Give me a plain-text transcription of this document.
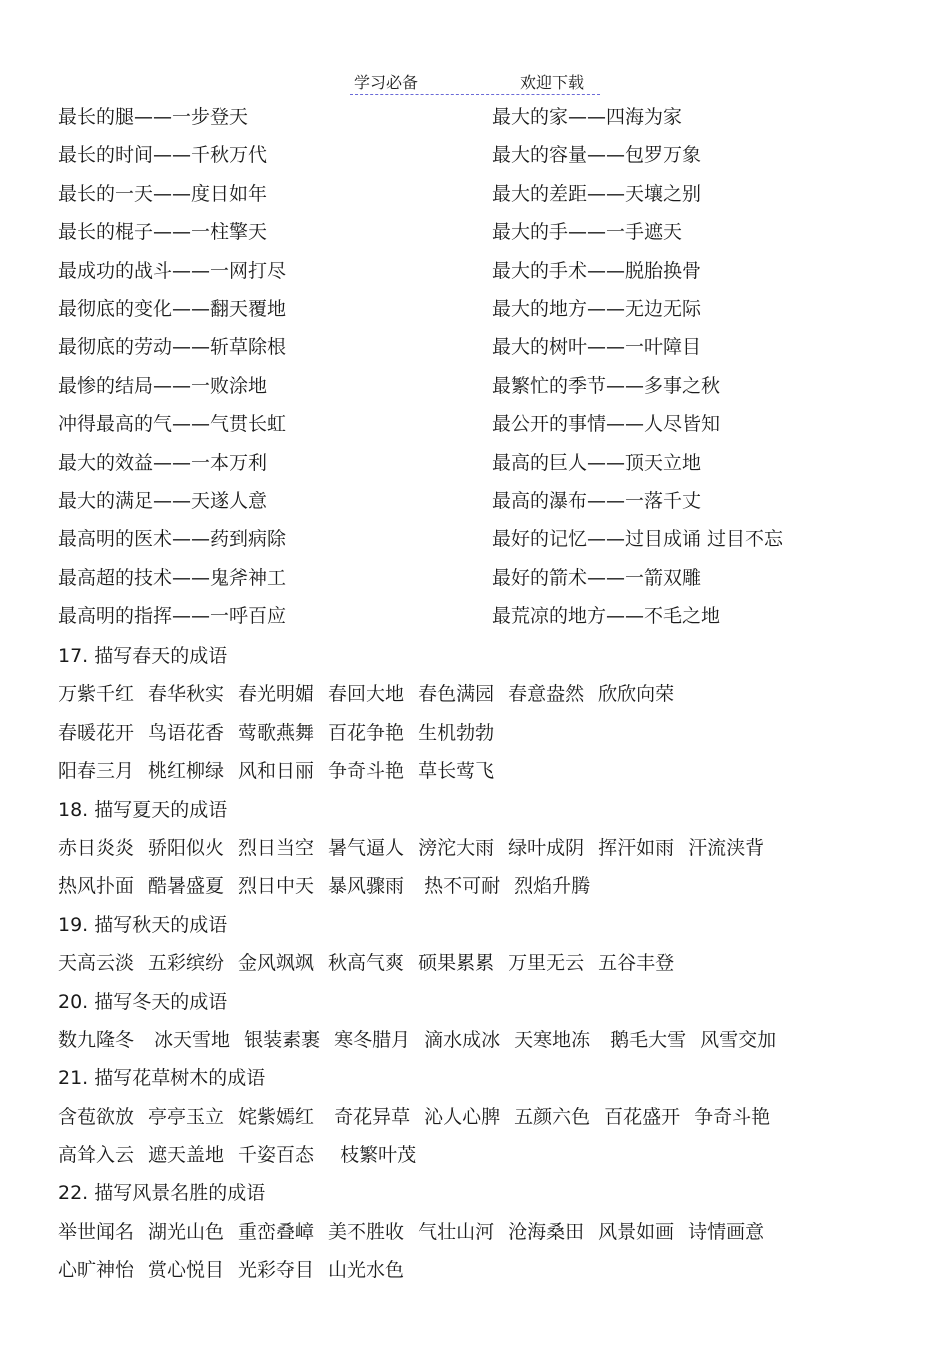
学习必备	欢迎下载
最长的腿——一步登天	最大的家——四海为家
最长的时间——千秋万代	最大的容量——包罗万象
最长的一天——度日如年	最大的差距——天壤之别
最长的棍子——一柱擎天	最大的手——一手遮天
最成功的战斗——一网打尽	最大的手术——脱胎换骨
最彻底的变化——翻天覆地	最大的地方——无边无际
最彻底的劳动——斩草除根	最大的树叶——一叶障目
最惨的结局——一败涂地	最繁忙的季节——多事之秋
冲得最高的气——气贯长虹	最公开的事情——人尽皆知
最大的效益——一本万利	最高的巨人——顶天立地
最大的满足——天遂人意	最高的瀑布——一落千丈
最高明的医术——药到病除	最好的记忆——过目成诵 过目不忘
最高超的技术——鬼斧神工	最好的箭术——一箭双雕
最高明的指挥——一呼百应	最荒凉的地方——不毛之地
17. 描写春天的成语
万紫千红 春华秋实 春光明媚 春回大地 春色满园 春意盎然 欣欣向荣
春暖花开 鸟语花香 莺歌燕舞 百花争艳 生机勃勃
阳春三月 桃红柳绿 风和日丽 争奇斗艳 草长莺飞
18. 描写夏天的成语
赤日炎炎 骄阳似火 烈日当空 暑气逼人 滂沱大雨 绿叶成阴 挥汗如雨 汗流浃背
热风扑面 酷暑盛夏 烈日中天 暴风骤雨 热不可耐 烈焰升腾
19. 描写秋天的成语
天高云淡 五彩缤纷 金风飒飒 秋高气爽 硕果累累 万里无云 五谷丰登
20. 描写冬天的成语
数九隆冬 冰天雪地 银装素裹 寒冬腊月 滴水成冰 天寒地冻 鹅毛大雪 风雪交加
21. 描写花草树木的成语
含苞欲放 亭亭玉立 姹紫嫣红 奇花异草 沁人心脾 五颜六色 百花盛开 争奇斗艳
高耸入云 遮天盖地 千姿百态  枝繁叶茂
22. 描写风景名胜的成语
举世闻名 湖光山色 重峦叠嶂 美不胜收 气壮山河 沧海桑田 风景如画 诗情画意
心旷神怡 赏心悦目 光彩夺目 山光水色
